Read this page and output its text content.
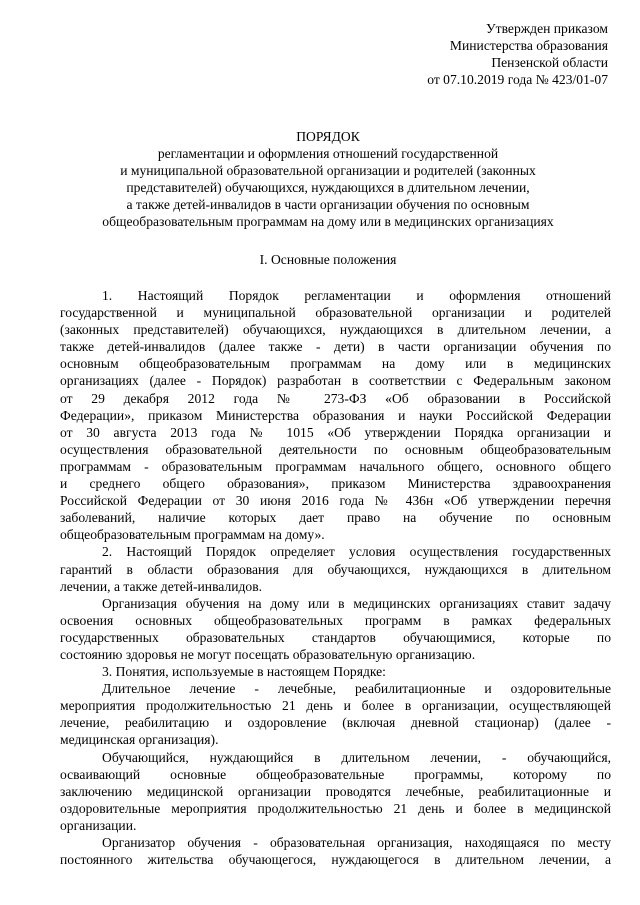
Утвержден приказом
Министерства образования
Пензенской области
от 07.10.2019 года № 423/01-07
ПОРЯДОК
регламентации и оформления отношений государственной
и муниципальной образовательной организации и родителей (законных
представителей) обучающихся, нуждающихся в длительном лечении,
а также детей-инвалидов в части организации обучения по основным
общеобразовательным программам на дому или в медицинских организациях
I. Основные положения
1. Настоящий Порядок регламентации и оформления отношений
государственной и муниципальной образовательной организации и родителей
(законных представителей) обучающихся, нуждающихся в длительном лечении, а
также детей-инвалидов (далее также - дети) в части организации обучения по
основным общеобразовательным программам на дому или в медицинских
организациях (далее - Порядок) разработан в соответствии с Федеральным законом
от 29 декабря 2012 года № 273-ФЗ «Об образовании в Российской
Федерации», приказом Министерства образования и науки Российской Федерации
от 30 августа 2013 года № 1015 «Об утверждении Порядка организации и
осуществления образовательной деятельности по основным общеобразовательным
программам - образовательным программам начального общего, основного общего
и среднего общего образования», приказом Министерства здравоохранения
Российской Федерации от 30 июня 2016 года № 436н «Об утверждении перечня
заболеваний, наличие которых дает право на обучение по основным
общеобразовательным программам на дому».
2. Настоящий Порядок определяет условия осуществления государственных
гарантий в области образования для обучающихся, нуждающихся в длительном
лечении, а также детей-инвалидов.
Организация обучения на дому или в медицинских организациях ставит задачу
освоения основных общеобразовательных программ в рамках федеральных
государственных образовательных стандартов обучающимися, которые по
состоянию здоровья не могут посещать образовательную организацию.
3. Понятия, используемые в настоящем Порядке:
Длительное лечение - лечебные, реабилитационные и оздоровительные
мероприятия продолжительностью 21 день и более в организации, осуществляющей
лечение, реабилитацию и оздоровление (включая дневной стационар) (далее -
медицинская организация).
Обучающийся, нуждающийся в длительном лечении, - обучающийся,
осваивающий основные общеобразовательные программы, которому по
заключению медицинской организации проводятся лечебные, реабилитационные и
оздоровительные мероприятия продолжительностью 21 день и более в медицинской
организации.
Организатор обучения - образовательная организация, находящаяся по месту
постоянного жительства обучающегося, нуждающегося в длительном лечении, а
